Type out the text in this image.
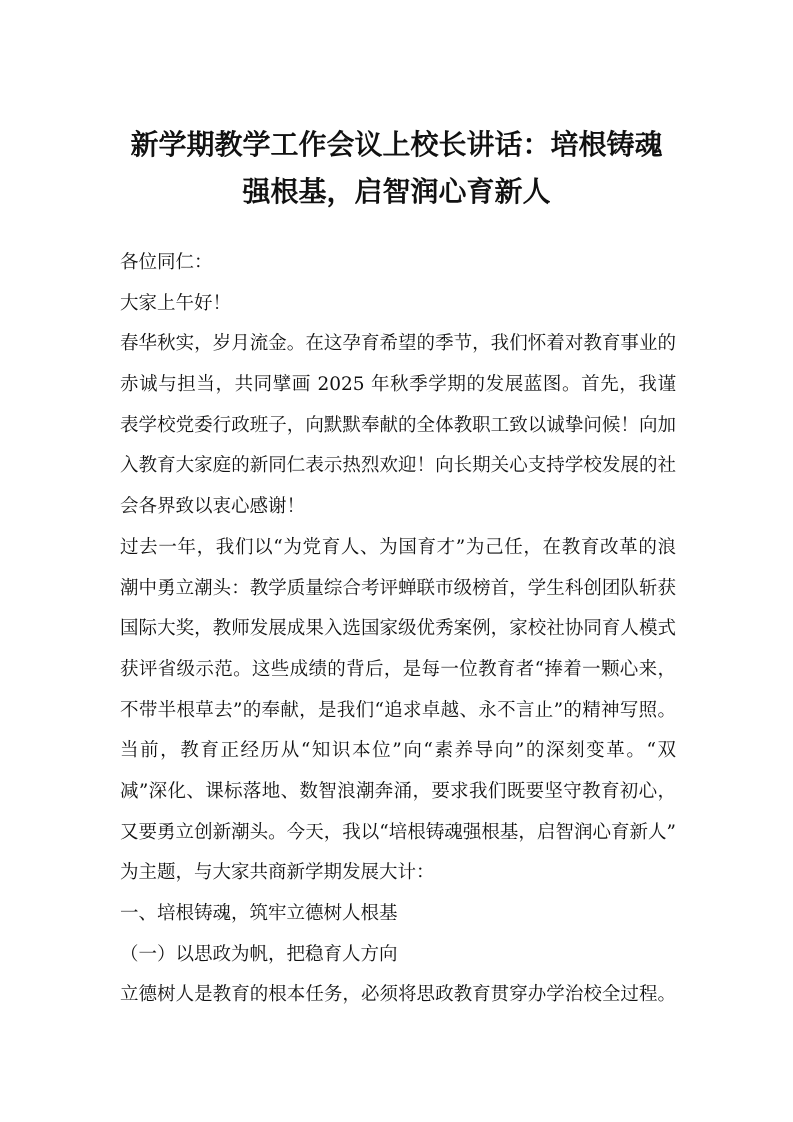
新学期教学工作会议上校长讲话：培根铸魂
强根基，启智润心育新人
各位同仁：
大家上午好！
春华秋实，岁月流金。在这孕育希望的季节，我们怀着对教育事业的
赤诚与担当，共同擘画 2025 年秋季学期的发展蓝图。首先，我谨
表学校党委行政班子，向默默奉献的全体教职工致以诚挚问候！向加
入教育大家庭的新同仁表示热烈欢迎！向长期关心支持学校发展的社
会各界致以衷心感谢！
过去一年，我们以“为党育人、为国育才”为己任，在教育改革的浪
潮中勇立潮头：教学质量综合考评蝉联市级榜首，学生科创团队斩获
国际大奖，教师发展成果入选国家级优秀案例，家校社协同育人模式
获评省级示范。这些成绩的背后，是每一位教育者“捧着一颗心来，
不带半根草去”的奉献，是我们“追求卓越、永不言止”的精神写照。
当前，教育正经历从“知识本位”向“素养导向”的深刻变革。“双
减”深化、课标落地、数智浪潮奔涌，要求我们既要坚守教育初心，
又要勇立创新潮头。今天，我以“培根铸魂强根基，启智润心育新人”
为主题，与大家共商新学期发展大计：
一、培根铸魂，筑牢立德树人根基
（一）以思政为帆，把稳育人方向
立德树人是教育的根本任务，必须将思政教育贯穿办学治校全过程。
